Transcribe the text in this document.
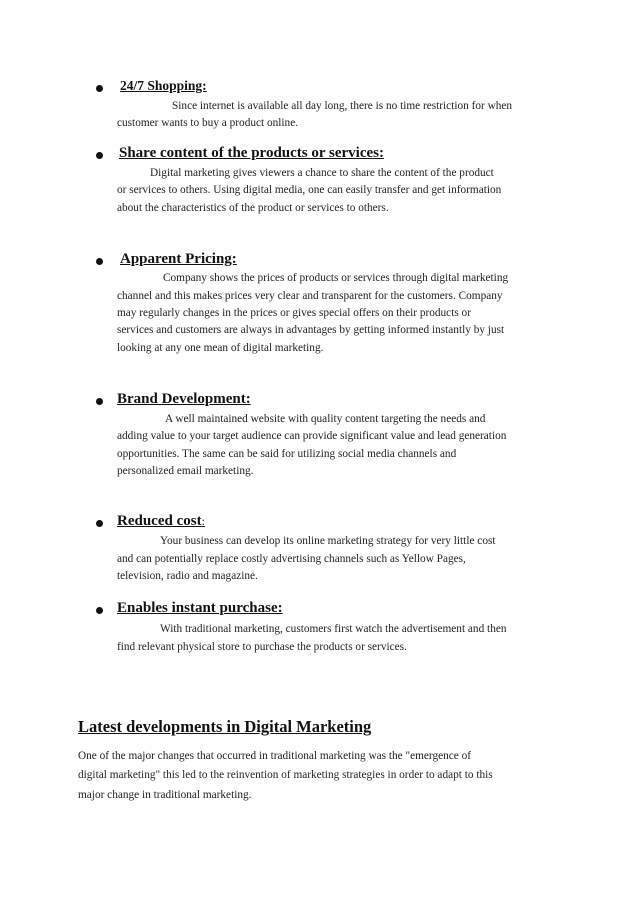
24/7 Shopping:
Since internet is available all day long, there is no time restriction for when
customer wants to buy a product online.
Share content of the products or services:
Digital marketing gives viewers a chance to share the content of the product
or services to others. Using digital media, one can easily transfer and get information
about the characteristics of the product or services to others.
Apparent Pricing:
Company shows the prices of products or services through digital marketing
channel and this makes prices very clear and transparent for the customers. Company
may regularly changes in the prices or gives special offers on their products or
services and customers are always in advantages by getting informed instantly by just
looking at any one mean of digital marketing.
Brand Development:
A well maintained website with quality content targeting the needs and
adding value to your target audience can provide significant value and lead generation
opportunities. The same can be said for utilizing social media channels and
personalized email marketing.
Reduced cost:
Your business can develop its online marketing strategy for very little cost
and can potentially replace costly advertising channels such as Yellow Pages,
television, radio and magazine.
Enables instant purchase:
With traditional marketing, customers first watch the advertisement and then
find relevant physical store to purchase the products or services.
Latest developments in Digital Marketing
One of the major changes that occurred in traditional marketing was the "emergence of
digital marketing" this led to the reinvention of marketing strategies in order to adapt to this
major change in traditional marketing.
